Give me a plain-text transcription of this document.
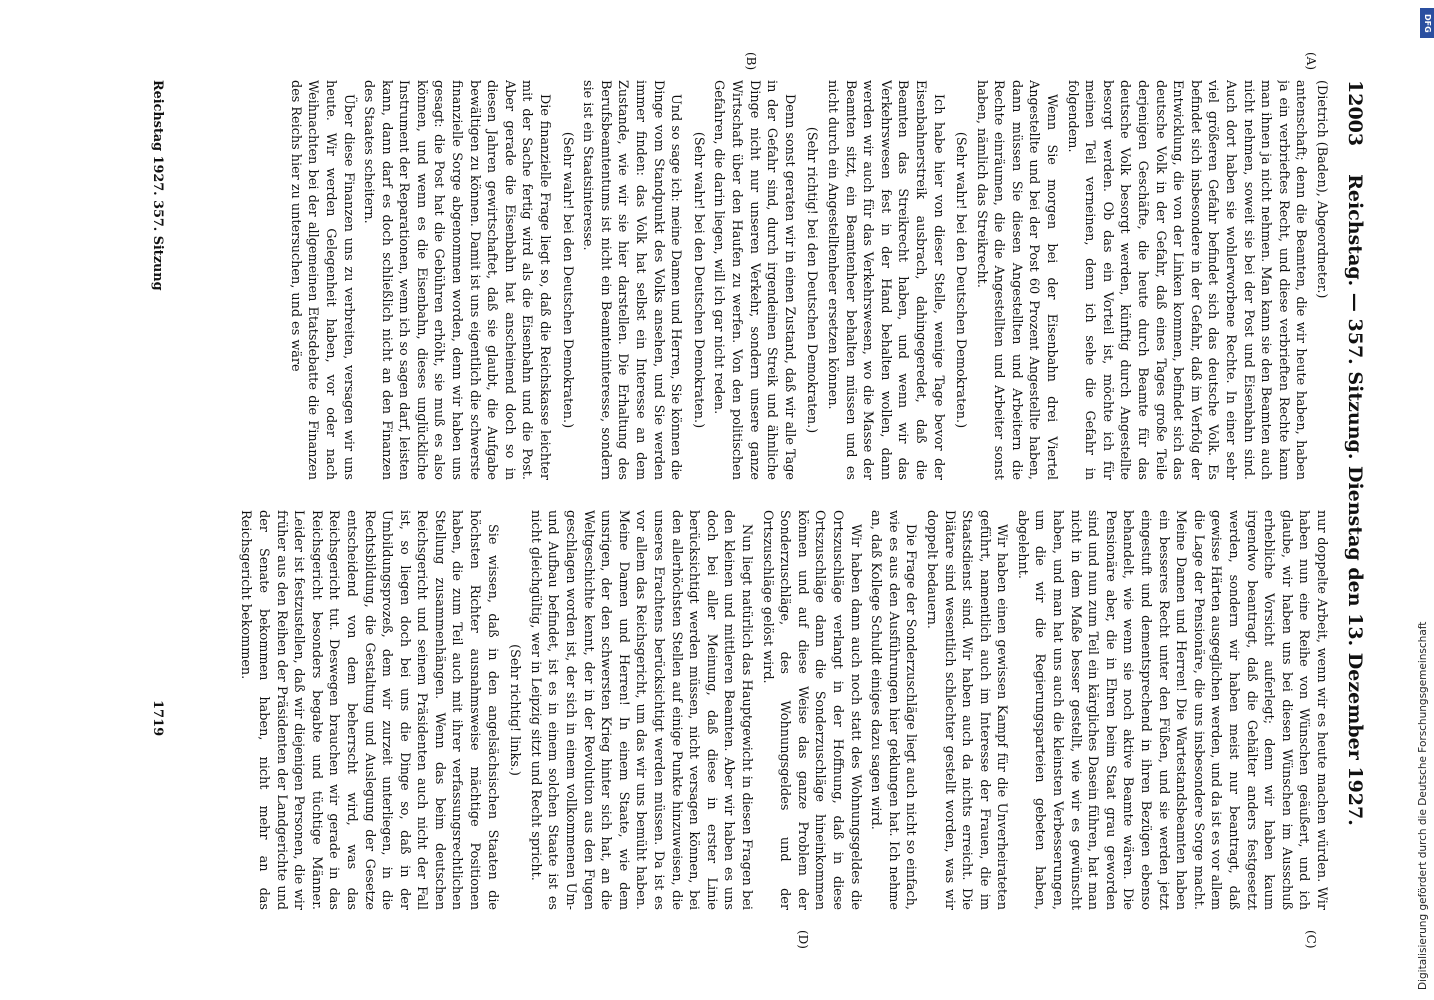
12003
Reichstag. — 357. Sitzung. Dienstag den 13. Dezember 1927.
(A)
(B)
(C)
(D)

(Dietrich (Baden), Abgeordneter.)

antenschaft; denn die Beamten, die wir heute haben, haben ja ein verbrieftes Recht, und diese verbrieften Rechte kann man ihnen ja nicht nehmen. Man kann sie den Beamten auch nicht nehmen, soweit sie bei der Post und Eisenbahn sind. Auch dort haben sie wohlerworbene Rechte. In einer sehr viel größeren Gefahr befindet sich das deutsche Volk. Es befindet sich insbesondere in der Gefahr, daß im Verfolg der Entwicklung, die von der Linken kommen, befindet sich das deutsche Volk in der Gefahr, daß eines Tages große Teile derjenigen Geschäfte, die heute durch Beamte für das deutsche Volk besorgt werden, künftig durch Angestellte besorgt werden. Ob das ein Vorteil ist, möchte ich für meinen Teil verneinen, denn ich sehe die Gefahr in folgendem.

Wenn Sie morgen bei der Eisenbahn drei Viertel Angestellte und bei der Post 60 Prozent Angestellte haben, dann müssen Sie diesen Angestellten und Arbeitern die Rechte einräumen, die die Angestellten und Arbeiter sonst haben, nämlich das Streikrecht.

(Sehr wahr! bei den Deutschen Demokraten.)

Ich habe hier von dieser Stelle, wenige Tage bevor der Eisenbahnerstreik ausbrach, dahingegeredet, daß die Beamten das Streikrecht haben, und wenn wir das Verkehrswesen fest in der Hand behalten wollen, dann werden wir auch für das Verkehrswesen, wo die Masse der Beamten sitzt, ein Beamtenheer behalten müssen und es nicht durch ein Angestelltenheer ersetzen können.

(Sehr richtig! bei den Deutschen Demokraten.)

Denn sonst geraten wir in einen Zustand, daß wir alle Tage in der Gefahr sind, durch irgendeinen Streik und ähnliche Dinge nicht nur unseren Verkehr, sondern unsere ganze Wirtschaft über den Haufen zu werfen. Von den politischen Gefahren, die darin liegen, will ich gar nicht reden.

(Sehr wahr! bei den Deutschen Demokraten.)

Und so sage ich: meine Damen und Herren, Sie können die Dinge vom Standpunkt des Volks ansehen, und Sie werden immer finden: das Volk hat selbst ein Interesse an dem Zustande, wie wir sie hier darstellen. Die Erhaltung des Berufsbeamtentums ist nicht ein Beamteninteresse, sondern sie ist ein Staatsinteresse.

(Sehr wahr! bei den Deutschen Demokraten.)

Die finanzielle Frage liegt so, daß die Reichskasse leichter mit der Sache fertig wird als die Eisenbahn und die Post. Aber gerade die Eisenbahn hat anscheinend doch so in diesen Jahren gewirtschaftet, daß sie glaubt, die Aufgabe bewältigen zu können. Damit ist uns eigentlich die schwerste finanzielle Sorge abgenommen worden, denn wir haben uns gesagt: die Post hat die Gebühren erhöht, sie muß es also können, und wenn es die Eisenbahn, dieses unglückliche Instrument der Reparationen, wenn ich so sagen darf, leisten kann, dann darf es doch schließlich nicht an den Finanzen des Staates scheitern.

Über diese Finanzen uns zu verbreiten, versagen wir uns heute. Wir werden Gelegenheit haben, vor oder nach Weihnachten bei der allgemeinen Etatsdebatte die Finanzen des Reichs hier zu untersuchen, und es wäre

nur doppelte Arbeit, wenn wir es heute machen würden. Wir haben nun eine Reihe von Wünschen geäußert, und ich glaube, wir haben uns bei diesen Wünschen im Ausschuß erhebliche Vorsicht auferlegt; denn wir haben kaum irgendwo beantragt, daß die Gehälter anders festgesetzt werden, sondern wir haben meist nur beantragt, daß gewisse Härten ausgeglichen werden, und da ist es vor allem die Lage der Pensionäre, die uns insbesondere Sorge macht. Meine Damen und Herren! Die Wartestandsbeamten haben ein besseres Recht unter den Füßen, und sie werden jetzt eingestuft und dementsprechend in ihren Bezügen ebenso behandelt, wie wenn sie noch aktive Beamte wären. Die Pensionäre aber, die in Ehren beim Staat grau geworden sind und nun zum Teil ein kärgliches Dasein führen, hat man nicht in dem Maße besser gestellt, wie wir es gewünscht haben, und man hat uns auch die kleinsten Verbesserungen, um die wir die Regierungsparteien gebeten haben, abgelehnt.

Wir haben einen gewissen Kampf für die Unverheirateten geführt, namentlich auch im Interesse der Frauen, die im Staatsdienst sind. Wir haben auch da nichts erreicht. Die Diätare sind wesentlich schlechter gestellt worden, was wir doppelt bedauern.

Die Frage der Sonderzuschläge liegt auch nicht so einfach, wie es aus den Ausführungen hier geklungen hat. Ich nehme an, daß Kollege Schuldt einiges dazu sagen wird.

Wir haben dann auch noch statt des Wohnungsgeldes die Ortszuschläge verlangt in der Hoffnung, daß in diese Ortszuschläge dann die Sonderzuschläge hineinkommen können und auf diese Weise das ganze Problem der Sonderzuschläge, des Wohnungsgeldes und der Ortszuschläge gelöst wird.

Nun liegt natürlich das Hauptgewicht in diesen Fragen bei den kleinen und mittleren Beamten. Aber wir haben es uns doch bei aller Meinung, daß diese in erster Linie berücksichtigt werden müssen, nicht versagen können, bei den allerhöchsten Stellen auf einige Punkte hinzuweisen, die unseres Erachtens berücksichtigt werden müssen. Da ist es vor allem das Reichsgericht, um das wir uns bemüht haben. Meine Damen und Herren! In einem Staate, wie dem unsrigen, der den schwersten Krieg hinter sich hat, an die Weltgeschichte kennt, der in der Revolution aus den Fugen geschlagen worden ist, der sich in einem vollkommenen Um- und Aufbau befindet, ist es in einem solchen Staate ist es nicht gleichgültig, wer in Leipzig sitzt und Recht spricht.

(Sehr richtig! links.)

Sie wissen, daß in den angelsächsischen Staaten die höchsten Richter ausnahmsweise mächtige Positionen haben, die zum Teil auch mit ihrer verfassungsrechtlichen Stellung zusammenhängen. Wenn das beim deutschen Reichsgericht und seinem Präsidenten auch nicht der Fall ist, so liegen doch bei uns die Dinge so, daß in der Umbildungsprozeß, dem wir zurzeit unterliegen, in die Rechtsbildung, die Gestaltung und Auslegung der Gesetze entscheidend von dem beherrscht wird, was das Reichsgericht tut. Deswegen brauchen wir gerade in das Reichsgericht besonders begabte und tüchtige Männer. Leider ist festzustellen, daß wir diejenigen Personen, die wir früher aus den Reihen der Präsidenten der Landgerichte und der Senate bekommen haben, nicht mehr an das Reichsgericht bekommen.

Reichstag 1927. 357. Sitzung
1719
DFG
Digitalisierung gefördert durch die Deutsche Forschungsgemeinschaft
